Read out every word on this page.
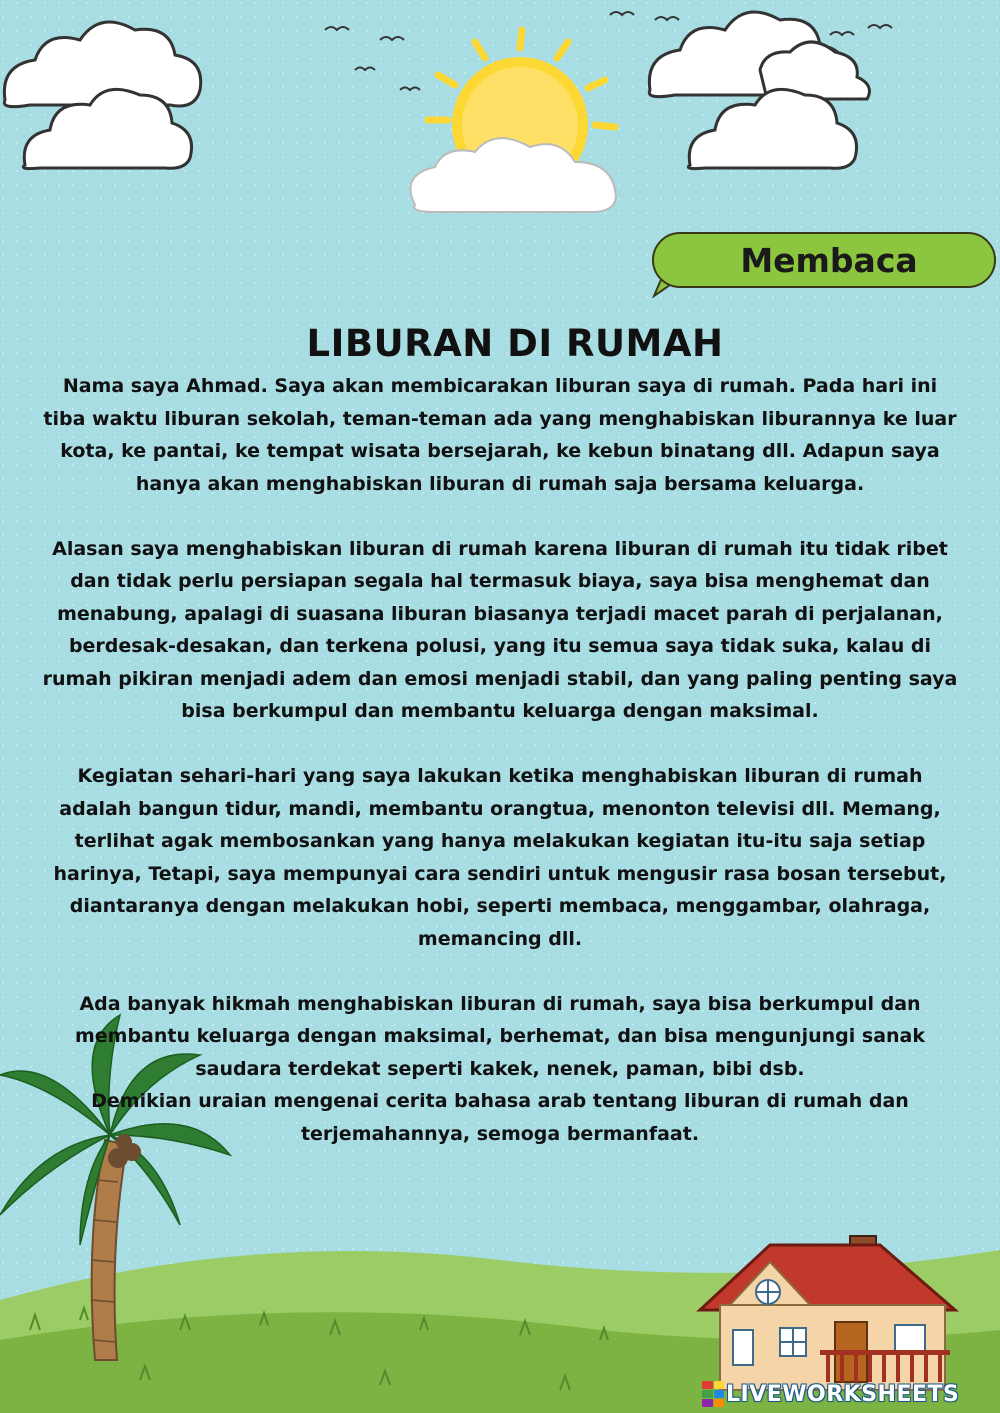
Membaca
LIBURAN DI RUMAH

Nama saya Ahmad. Saya akan membicarakan liburan saya di rumah. Pada hari ini tiba waktu liburan sekolah, teman-teman ada yang menghabiskan liburannya ke luar kota, ke pantai, ke tempat wisata bersejarah, ke kebun binatang dll. Adapun saya hanya akan menghabiskan liburan di rumah saja bersama keluarga.

Alasan saya menghabiskan liburan di rumah karena liburan di rumah itu tidak ribet dan tidak perlu persiapan segala hal termasuk biaya, saya bisa menghemat dan menabung, apalagi di suasana liburan biasanya terjadi macet parah di perjalanan, berdesak-desakan, dan terkena polusi, yang itu semua saya tidak suka, kalau di rumah pikiran menjadi adem dan emosi menjadi stabil, dan yang paling penting saya bisa berkumpul dan membantu keluarga dengan maksimal.

Kegiatan sehari-hari yang saya lakukan ketika menghabiskan liburan di rumah adalah bangun tidur, mandi, membantu orangtua, menonton televisi dll. Memang, terlihat agak membosankan yang hanya melakukan kegiatan itu-itu saja setiap harinya, Tetapi, saya mempunyai cara sendiri untuk mengusir rasa bosan tersebut, diantaranya dengan melakukan hobi, seperti membaca, menggambar, olahraga, memancing dll.

Ada banyak hikmah menghabiskan liburan di rumah, saya bisa berkumpul dan membantu keluarga dengan maksimal, berhemat, dan bisa mengunjungi sanak saudara terdekat seperti kakek, nenek, paman, bibi dsb.

Demikian uraian mengenai cerita bahasa arab tentang liburan di rumah dan terjemahannya, semoga bermanfaat.

LIVEWORKSHEETS
